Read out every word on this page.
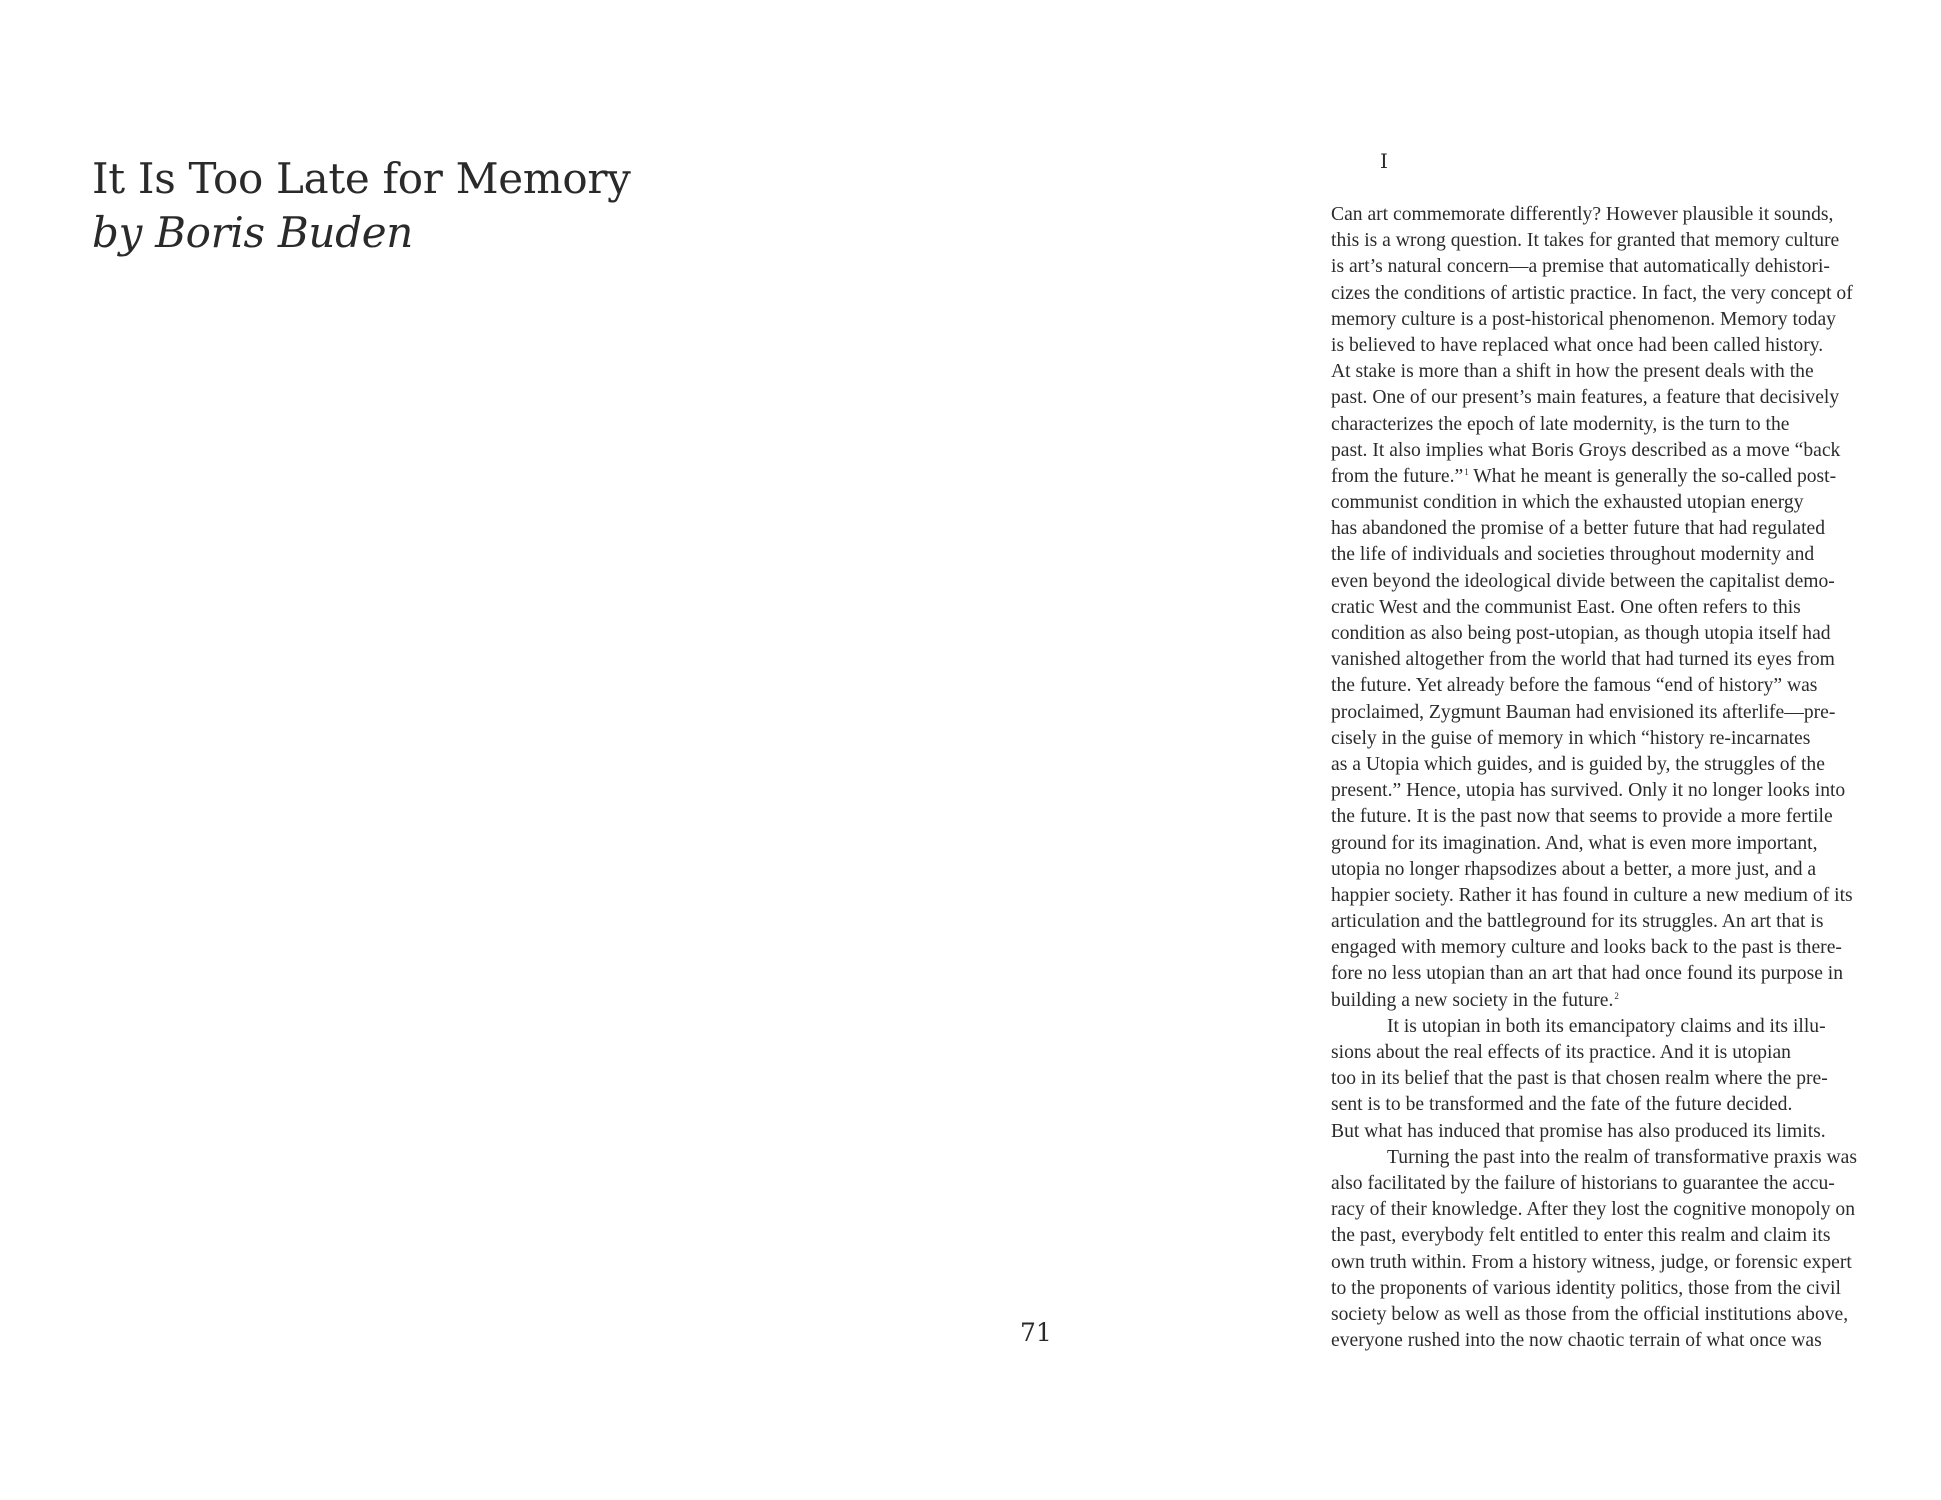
It Is Too Late for Memory

by Boris Buden

71
I
Can art commemorate differently? However plausible it sounds,
this is a wrong question. It takes for granted that memory culture
is art’s natural concern—a premise that automatically dehistori-
cizes the conditions of artistic practice. In fact, the very concept of
memory culture is a post-historical phenomenon. Memory today
is believed to have replaced what once had been called history.
At stake is more than a shift in how the present deals with the
past. One of our present’s main features, a feature that decisively
characterizes the epoch of late modernity, is the turn to the
past. It also implies what Boris Groys described as a move “back
from the future.”$^1$ What he meant is generally the so-called post-
communist condition in which the exhausted utopian energy
has abandoned the promise of a better future that had regulated
the life of individuals and societies throughout modernity and
even beyond the ideological divide between the capitalist demo-
cratic West and the communist East. One often refers to this
condition as also being post-utopian, as though utopia itself had
vanished altogether from the world that had turned its eyes from
the future. Yet already before the famous “end of history” was
proclaimed, Zygmunt Bauman had envisioned its afterlife—pre-
cisely in the guise of memory in which “history re-incarnates
as a Utopia which guides, and is guided by, the struggles of the
present.” Hence, utopia has survived. Only it no longer looks into
the future. It is the past now that seems to provide a more fertile
ground for its imagination. And, what is even more important,
utopia no longer rhapsodizes about a better, a more just, and a
happier society. Rather it has found in culture a new medium of its
articulation and the battleground for its struggles. An art that is
engaged with memory culture and looks back to the past is there-
fore no less utopian than an art that had once found its purpose in
building a new society in the future.$^2$
It is utopian in both its emancipatory claims and its illu-
sions about the real effects of its practice. And it is utopian
too in its belief that the past is that chosen realm where the pre-
sent is to be transformed and the fate of the future decided.
But what has induced that promise has also produced its limits.
Turning the past into the realm of transformative praxis was
also facilitated by the failure of historians to guarantee the accu-
racy of their knowledge. After they lost the cognitive monopoly on
the past, everybody felt entitled to enter this realm and claim its
own truth within. From a history witness, judge, or forensic expert
to the proponents of various identity politics, those from the civil
society below as well as those from the official institutions above,
everyone rushed into the now chaotic terrain of what once was
